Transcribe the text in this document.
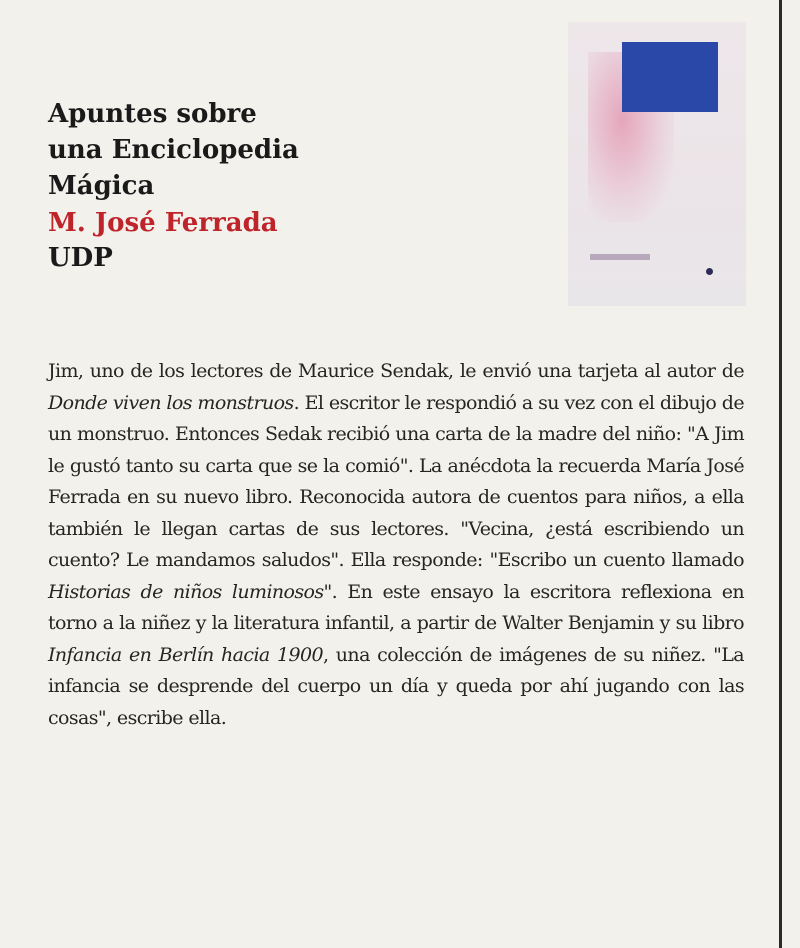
Apuntes sobre
una Enciclopedia
Mágica
M. José Ferrada
UDP

Jim, uno de los lectores de Maurice Sendak, le envió una tarjeta al autor de Donde viven los monstruos. El escritor le respondió a su vez con el dibujo de un monstruo. Entonces Sedak recibió una carta de la madre del niño: "A Jim le gustó tanto su carta que se la comió". La anécdota la recuerda María José Ferrada en su nuevo libro. Reconocida autora de cuentos para niños, a ella también le llegan cartas de sus lectores. "Vecina, ¿está escribiendo un cuento? Le mandamos saludos". Ella responde: "Escribo un cuento llamado Historias de niños luminosos". En este ensayo la escritora reflexiona en torno a la niñez y la literatura infantil, a partir de Walter Benjamin y su libro Infancia en Berlín hacia 1900, una colección de imágenes de su niñez. "La infancia se desprende del cuerpo un día y queda por ahí jugando con las cosas", escribe ella.
